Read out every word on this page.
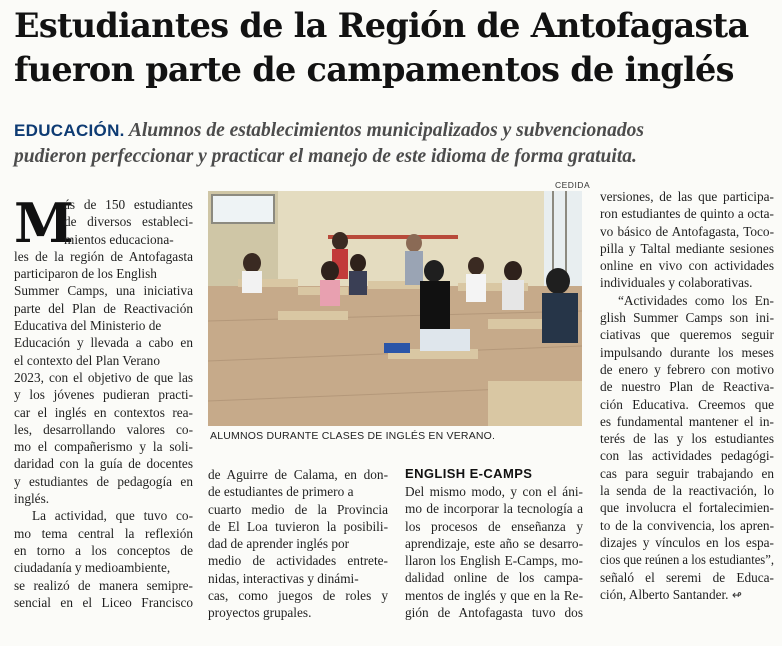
Estudiantes de la Región de Antofagasta
fueron parte de campamentos de inglés

EDUCACIÓN. Alumnos de establecimientos municipalizados y subvencionados
pudieron perfeccionar y practicar el manejo de este idioma de forma gratuita.

M
ás de 150 estudiantes
de diversos estableci-
mientos educaciona-
les de la región de Antofagasta
participaron de los English
Summer Camps, una iniciativa
parte del Plan de Reactivación
Educativa del Ministerio de
Educación y llevada a cabo en
el contexto del Plan Verano
2023, con el objetivo de que las
y los jóvenes pudieran practi-
car el inglés en contextos rea-
les, desarrollando valores co-
mo el compañerismo y la soli-
daridad con la guía de docentes
y estudiantes de pedagogía en
inglés.
La actividad, que tuvo co-
mo tema central la reflexión
en torno a los conceptos de
ciudadanía y medioambiente,
se realizó de manera semipre-
sencial en el Liceo Francisco
CEDIDA
ALUMNOS DURANTE CLASES DE INGLÉS EN VERANO.
de Aguirre de Calama, en don-
de estudiantes de primero a
cuarto medio de la Provincia
de El Loa tuvieron la posibili-
dad de aprender inglés por
medio de actividades entrete-
nidas, interactivas y dinámi-
cas, como juegos de roles y
proyectos grupales.
ENGLISH E-CAMPS
Del mismo modo, y con el áni-
mo de incorporar la tecnología a
los procesos de enseñanza y
aprendizaje, este año se desarro-
llaron los English E-Camps, mo-
dalidad online de los campa-
mentos de inglés y que en la Re-
gión de Antofagasta tuvo dos
versiones, de las que participa-
ron estudiantes de quinto a octa-
vo básico de Antofagasta, Toco-
pilla y Taltal mediante sesiones
online en vivo con actividades
individuales y colaborativas.
“Actividades como los En-
glish Summer Camps son ini-
ciativas que queremos seguir
impulsando durante los meses
de enero y febrero con motivo
de nuestro Plan de Reactiva-
ción Educativa. Creemos que
es fundamental mantener el in-
terés de las y los estudiantes
con las actividades pedagógi-
cas para seguir trabajando en
la senda de la reactivación, lo
que involucra el fortalecimien-
to de la convivencia, los apren-
dizajes y vínculos en los espa-
cios que reúnen a los estudiantes”,
señaló el seremi de Educa-
ción, Alberto Santander. ↫
